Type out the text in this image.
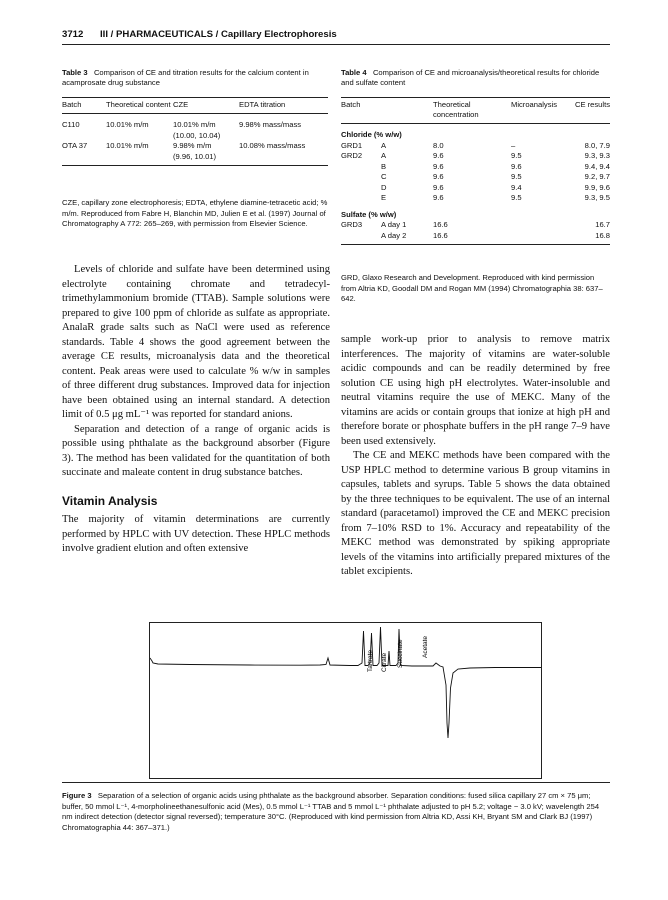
3712 III / PHARMACEUTICALS / Capillary Electrophoresis
Table 3 Comparison of CE and titration results for the calcium content in acamprosate drug substance
Batch	Theoretical content	CZE	EDTA titration
C110	10.01% m/m	10.01% m/m	9.98% mass/mass
		(10.00, 10.04)	
OTA 37	10.01% m/m	9.98% m/m	10.08% mass/mass
		(9.96, 10.01)	
CZE, capillary zone electrophoresis; EDTA, ethylene diamine-tetracetic acid; % m/m. Reproduced from Fabre H, Blanchin MD, Julien E et al. (1997) Journal of Chromatography A 772: 265–269, with permission from Elsevier Science.
Table 4 Comparison of CE and microanalysis/theoretical results for chloride and sulfate content
Batch		Theoretical concentration	Microanalysis	CE results
Chloride (% w/w)				
GRD1	A	8.0	–	8.0, 7.9
GRD2	A	9.6	9.5	9.3, 9.3
	B	9.6	9.6	9.4, 9.4
	C	9.6	9.5	9.2, 9.7
	D	9.6	9.4	9.9, 9.6
	E	9.6	9.5	9.3, 9.5
Sulfate (% w/w)				
GRD3	A day 1	16.6		16.7
	A day 2	16.6		16.8
GRD, Glaxo Research and Development. Reproduced with kind permission from Altria KD, Goodall DM and Rogan MM (1994) Chromatographia 38: 637–642.

Levels of chloride and sulfate have been determined using electrolyte containing chromate and tetradecyl-trimethylammonium bromide (TTAB). Sample solutions were prepared to give 100 ppm of chloride as sulfate as appropriate. AnalaR grade salts such as NaCl were used as reference standards. Table 4 shows the good agreement between the average CE results, microanalysis data and the theoretical content. Peak areas were used to calculate % w/w in samples of three different drug substances. Improved data for injection have been obtained using an internal standard. A detection limit of 0.5 μg mL⁻¹ was reported for standard anions.

Separation and detection of a range of organic acids is possible using phthalate as the background absorber (Figure 3). The method has been validated for the quantitation of both succinate and maleate content in drug substance batches.

Vitamin Analysis

The majority of vitamin determinations are currently performed by HPLC with UV detection. These HPLC methods involve gradient elution and often extensive

sample work-up prior to analysis to remove matrix interferences. The majority of vitamins are water-soluble acidic compounds and can be readily determined by free solution CE using high pH electrolytes. Water-insoluble and neutral vitamins require the use of MEKC. Many of the vitamins are acids or contain groups that ionize at high pH and therefore borate or phosphate buffers in the pH range 7–9 have been used extensively.

The CE and MEKC methods have been compared with the USP HPLC method to determine various B group vitamins in capsules, tablets and syrups. Table 5 shows the data obtained by the three techniques to be equivalent. The use of an internal standard (paracetamol) improved the CE and MEKC precision from 7–10% RSD to 1%. Accuracy and repeatability of the MEKC method was demonstrated by spiking appropriate levels of the vitamins into artificially prepared mixtures of the tablet excipients.

Tartrate Citrate Succinate	Acetate
Figure 3 Separation of a selection of organic acids using phthalate as the background absorber. Separation conditions: fused silica capillary 27 cm × 75 μm; buffer, 50 mmol L⁻¹, 4-morpholineethanesulfonic acid (Mes), 0.5 mmol L⁻¹ TTAB and 5 mmol L⁻¹ phthalate adjusted to pH 5.2; voltage − 3.0 kV; wavelength 254 nm indirect detection (detector signal reversed); temperature 30°C. (Reproduced with kind permission from Altria KD, Assi KH, Bryant SM and Clark BJ (1997) Chromatographia 44: 367–371.)
